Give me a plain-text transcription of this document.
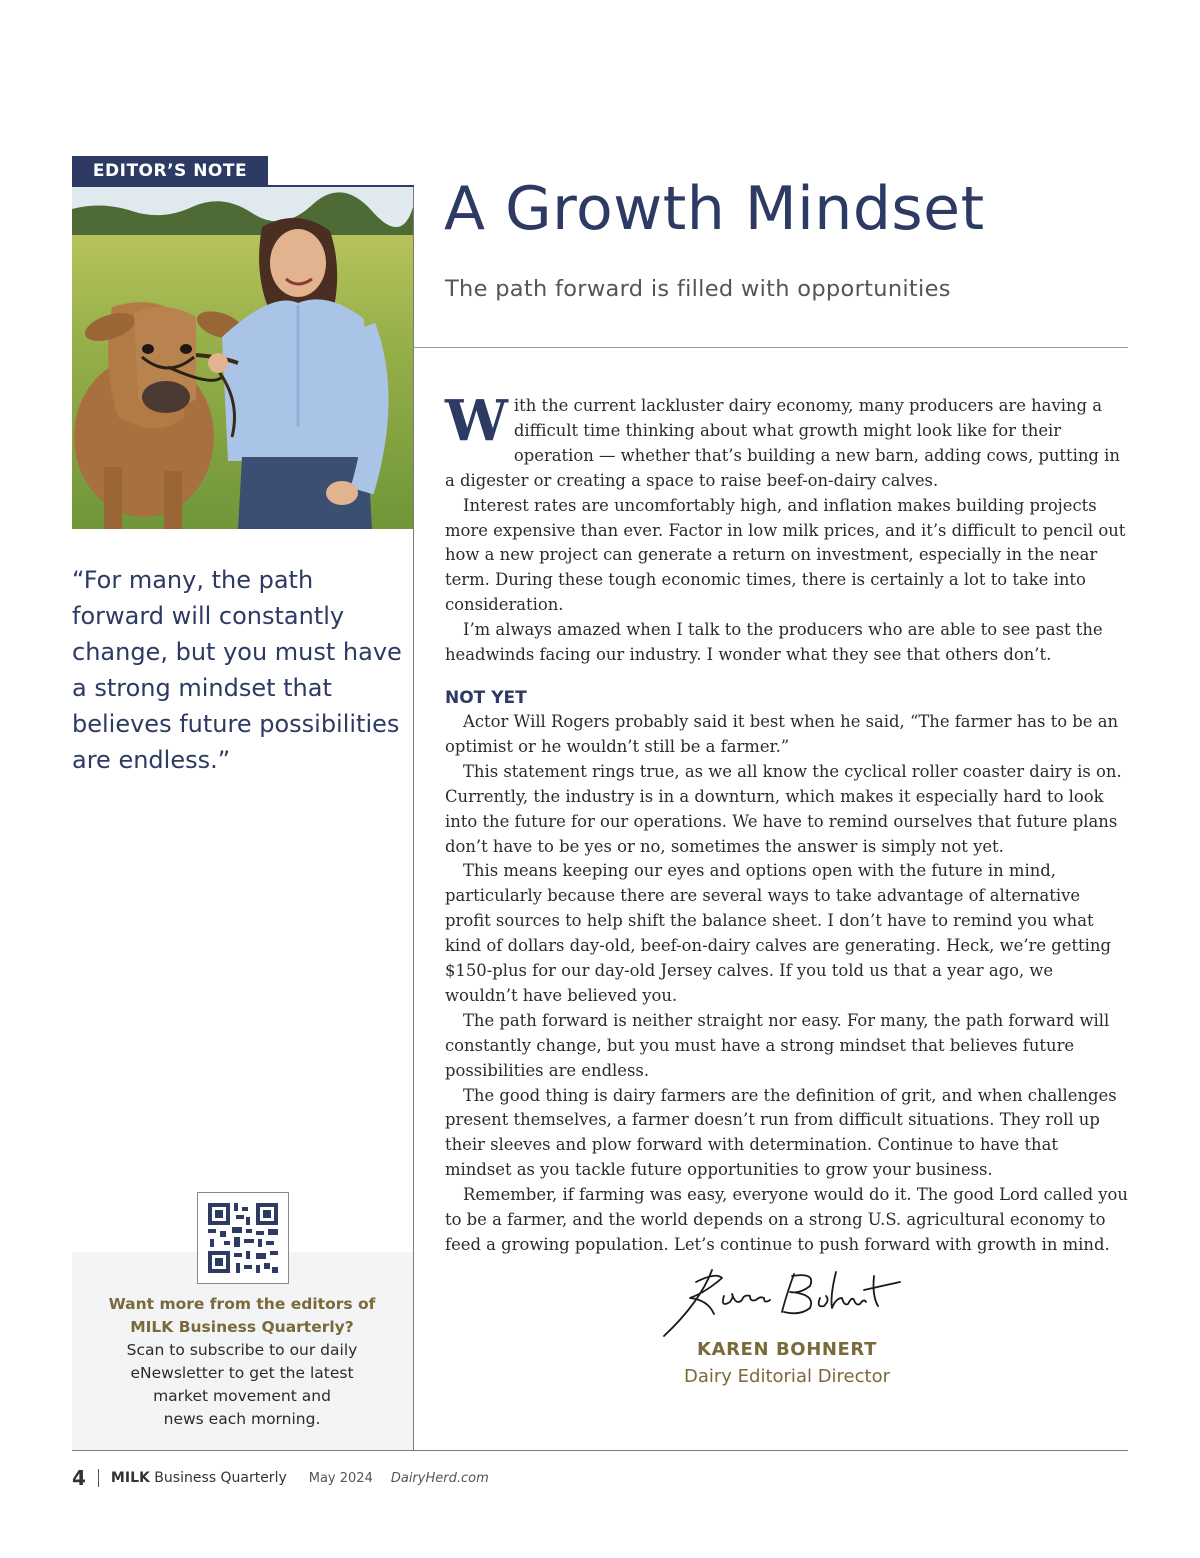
EDITOR’S NOTE
A Growth Mindset
The path forward is filled with opportunities
“For many, the path forward will constantly change, but you must have a strong mindset that believes future possibilities are endless.”

With the current lackluster dairy economy, many producers are having a difficult time thinking about what growth might look like for their operation — whether that’s building a new barn, adding cows, putting in a digester or creating a space to raise beef-on-dairy calves.

Interest rates are uncomfortably high, and inflation makes building projects more expensive than ever. Factor in low milk prices, and it’s difficult to pencil out how a new project can generate a return on investment, especially in the near term. During these tough economic times, there is certainly a lot to take into consideration.

I’m always amazed when I talk to the producers who are able to see past the headwinds facing our industry. I wonder what they see that others don’t.

NOT YET

Actor Will Rogers probably said it best when he said, “The farmer has to be an optimist or he wouldn’t still be a farmer.”

This statement rings true, as we all know the cyclical roller coaster dairy is on. Currently, the industry is in a downturn, which makes it especially hard to look into the future for our operations. We have to remind ourselves that future plans don’t have to be yes or no, sometimes the answer is simply not yet.

This means keeping our eyes and options open with the future in mind, particularly because there are several ways to take advantage of alternative profit sources to help shift the balance sheet. I don’t have to remind you what kind of dollars day-old, beef-on-dairy calves are generating. Heck, we’re getting $150-plus for our day-old Jersey calves. If you told us that a year ago, we wouldn’t have believed you.

The path forward is neither straight nor easy. For many, the path forward will constantly change, but you must have a strong mindset that believes future possibilities are endless.

The good thing is dairy farmers are the definition of grit, and when challenges present themselves, a farmer doesn’t run from difficult situations. They roll up their sleeves and plow forward with determination. Continue to have that mindset as you tackle future opportunities to grow your business.

Remember, if farming was easy, everyone would do it. The good Lord called you to be a farmer, and the world depends on a strong U.S. agricultural economy to feed a growing population. Let’s continue to push forward with growth in mind.

KAREN BOHNERT
Dairy Editorial Director
Want more from the editors of
MILK Business Quarterly?
Scan to subscribe to our daily
eNewsletter to get the latest
market movement and
news each morning.
4 MILK Business Quarterly May 2024 DairyHerd.com
